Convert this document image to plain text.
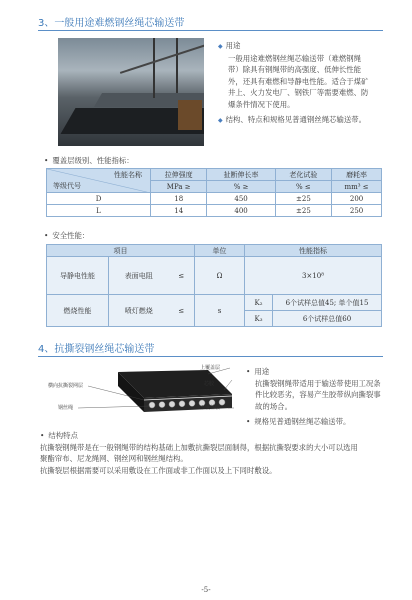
3、一般用途难燃钢丝绳芯输送带
◆ 用途
一般用途难燃钢丝绳芯输送带（难燃钢绳
带）除具有钢绳带的高强度、低伸长性能
外，还具有难燃和导静电性能。适合于煤矿
井上、火力发电厂、钢铁厂等需要难燃、防
爆条件情况下使用。
◆ 结构、特点和规格见普通钢丝绳芯输送带。
• 覆盖层级别、性能指标：
性能名称
等级代号	拉伸强度	扯断伸长率	老化试验	磨耗率
	MPa ≥	% ≥	% ≤	mm³ ≤
D	18	450	±25	200
L	14	400	±25	250
• 安全性能：
项目			单位	性能指标	
导静电性能	表面电阻	≤	Ω	3×10⁸	
燃烧性能	喷灯燃烧	≤	s	K₂	6个试样总值45; 单个值15
				K₃	6个试样总值60
4、抗撕裂钢丝绳芯输送带
上覆盖层
芯胶
下覆盖层
横向抗撕裂网层
钢丝绳
• 用途
抗撕裂钢绳带适用于输送带使用工况条
件比较恶劣，容易产生胶带纵向撕裂事
故的场合。
• 规格见普通钢丝绳芯输送带。
• 结构特点
抗撕裂钢绳带是在一般钢绳带的结构基础上加敷抗撕裂层面制得，根据抗撕裂要求的大小可以选用
聚酯帘布、尼龙绳网、钢丝网和钢丝绳结构。
抗撕裂层根据需要可以采用敷设在工作面或非工作面以及上下同时敷设。
-5-
